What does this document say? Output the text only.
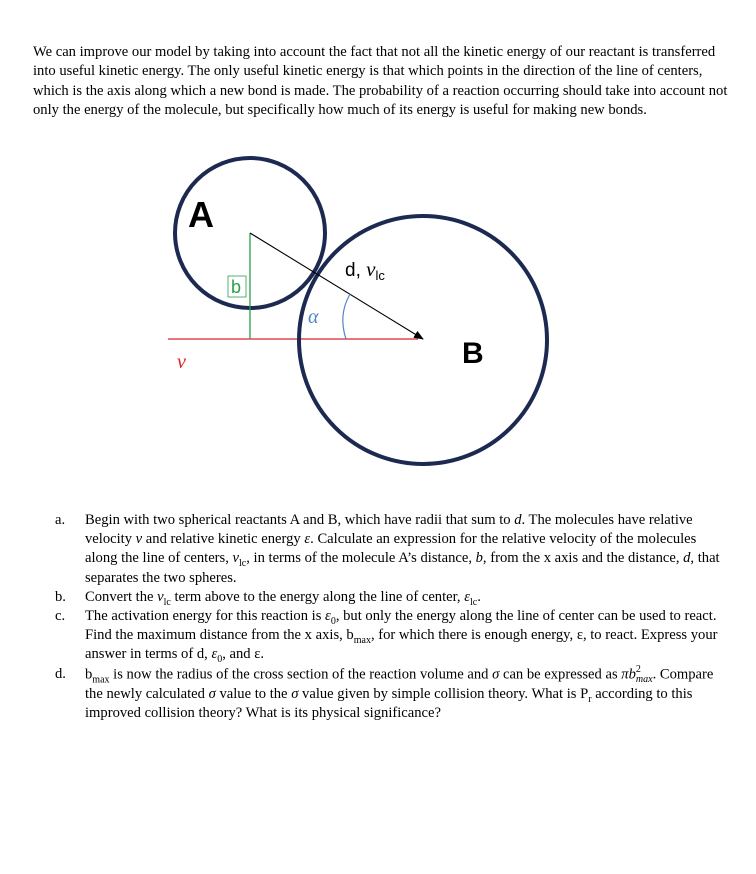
We can improve our model by taking into account the fact that not all the kinetic energy of our reactant is transferred into useful kinetic energy. The only useful kinetic energy is that which points in the direction of the line of centers, which is the axis along which a new bond is made. The probability of a reaction occurring should take into account not only the energy of the molecule, but specifically how much of its energy is useful for making new bonds.

A
B
b
d, $v_{lc}$
α
v

a.	Begin with two spherical reactants A and B, which have radii that sum to d. The molecules have relative velocity v and relative kinetic energy ε. Calculate an expression for the relative velocity of the molecules along the line of centers, $v_{lc}$, in terms of the molecule A’s distance, b, from the x axis and the distance, d, that separates the two spheres.

b.	Convert the $v_{lc}$ term above to the energy along the line of center, $\varepsilon_{lc}$.

c.	The activation energy for this reaction is $\varepsilon_0$, but only the energy along the line of center can be used to react. Find the maximum distance from the x axis, $b_{max}$, for which there is enough energy, ε, to react. Express your answer in terms of d, $\varepsilon_0$, and ε.

d.	$b_{max}$ is now the radius of the cross section of the reaction volume and σ can be expressed as πb 2
max . Compare the newly calculated σ value to the σ value given by simple collision theory. What is $P_r$ according to this improved collision theory? What is its physical significance?
